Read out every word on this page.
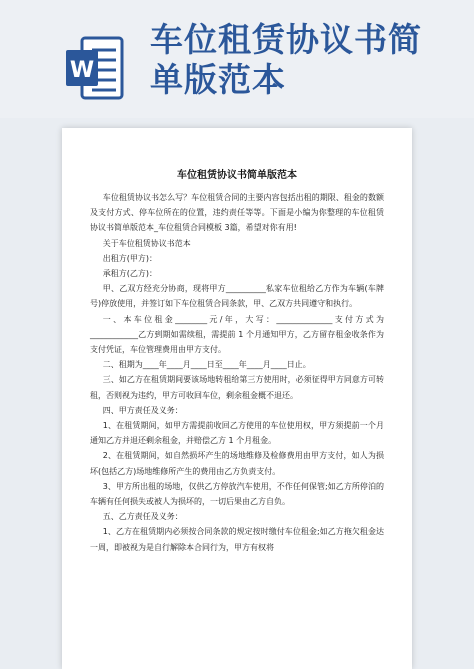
W
车位租赁协议书简
单版范本
车位租赁协议书简单版范本

车位租赁协议书怎么写？车位租赁合同的主要内容包括出租的期限、租金的数额及支付方式、停车位所在的位置，违约责任等等。下面是小编为你整理的车位租赁协议书简单版范本_车位租赁合同模板 3篇，希望对你有用!

关于车位租赁协议书范本

出租方(甲方)：

承租方(乙方)：

甲、乙双方经充分协商，现将甲方__________私家车位租给乙方作为车辆(车牌号)停放使用，并签订如下车位租赁合同条款，甲、乙双方共同遵守和执行。

一、本车位租金________元/年，大写：______________支付方式为____________乙方到期如需续租，需提前 1 个月通知甲方，乙方留存租金收条作为支付凭证，车位管理费用由甲方支付。

二、租期为____年____月____日至____年____月____日止。

三、如乙方在租赁期间要该场地转租给第三方使用时，必须征得甲方同意方可转租，否则视为违约，甲方可收回车位，剩余租金概不退还。

四、甲方责任及义务：

1、在租赁期间，如甲方需提前收回乙方使用的车位使用权，甲方须提前一个月通知乙方并退还剩余租金，并赔偿乙方 1 个月租金。

2、在租赁期间，如自然损坏产生的场地维修及检修费用由甲方支付，如人为损坏(包括乙方)场地维修所产生的费用由乙方负责支付。

3、甲方所出租的场地，仅供乙方停放汽车使用，不作任何保管;如乙方所停泊的车辆有任何损失或被人为损坏的，一切后果由乙方自负。

五、乙方责任及义务：

1、乙方在租赁期内必须按合同条款的规定按时缴付车位租金;如乙方拖欠租金达一周，即被视为是自行解除本合同行为，甲方有权将
